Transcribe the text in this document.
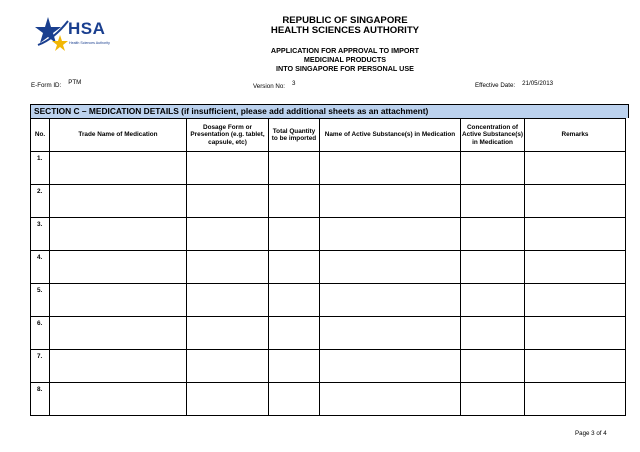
HSA
Health Sciences Authority
REPUBLIC OF SINGAPORE
HEALTH SCIENCES AUTHORITY
APPLICATION FOR APPROVAL TO IMPORT
MEDICINAL PRODUCTS
INTO SINGAPORE FOR PERSONAL USE
E-Form ID: PTM
Version No: 3	Effective Date: 21/05/2013
SECTION C – MEDICATION DETAILS (if insufficient, please add additional sheets as an attachment)
No.	Trade Name of Medication	Dosage Form or Presentation (e.g. tablet, capsule, etc)	Total Quantity to be imported	Name of Active Substance(s) in Medication	Concentration of Active Substance(s) in Medication	Remarks
1.						
2.						
3.						
4.						
5.						
6.						
7.						
8.						
Page 3 of 4
